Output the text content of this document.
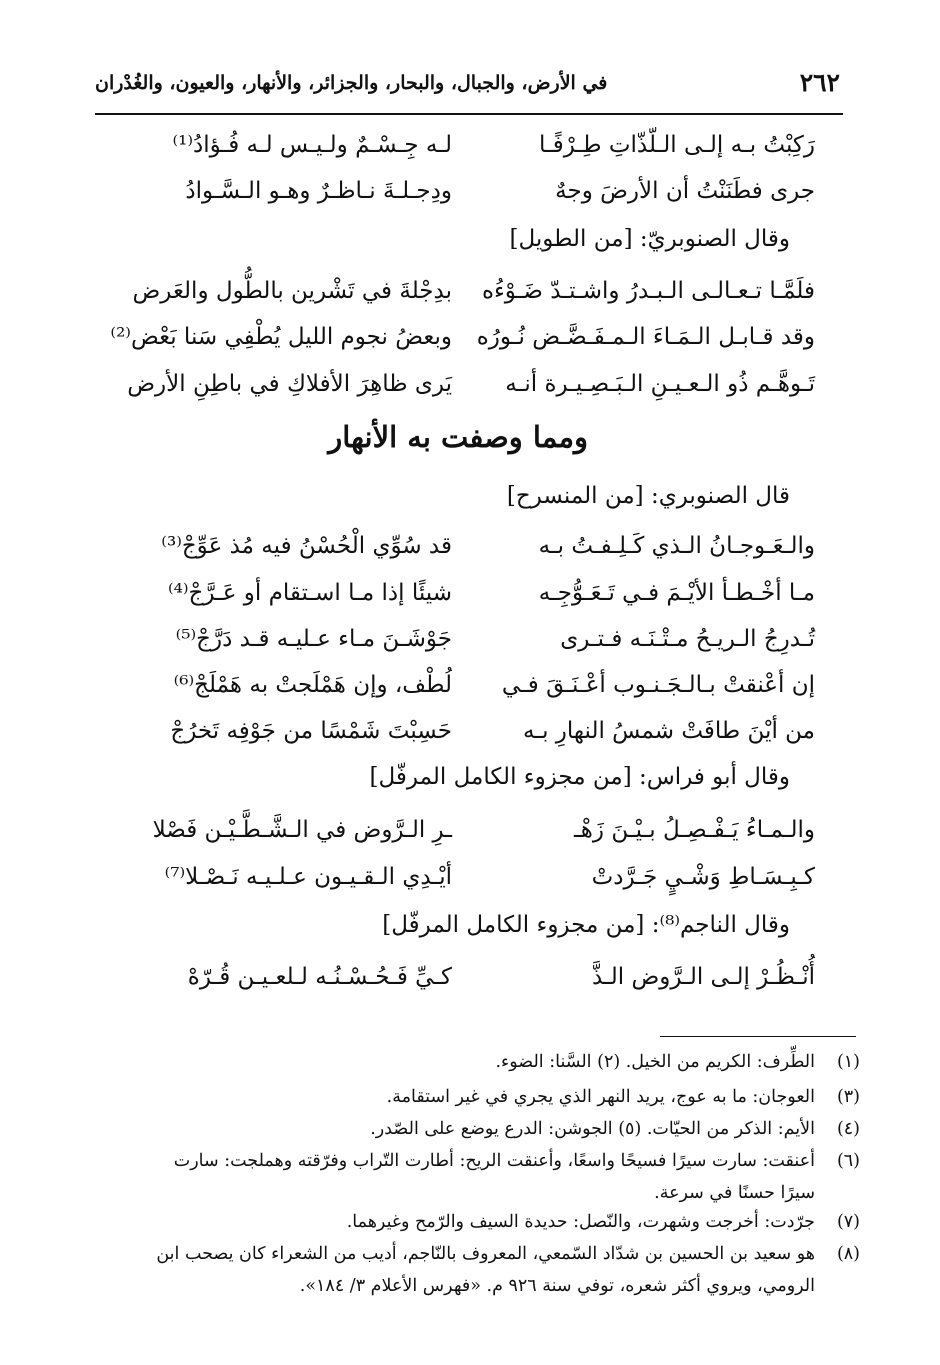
٢٦٢
في الأرض، والجبال، والبحار، والجزائر، والأنهار، والعيون، والغُدْران
رَكِبْتُ بـه إلـى الـلّذّاتِ طِـرْفًـا
لـه جِـسْـمٌ ولـيـس لـه فُـؤادُ⁽¹⁾
جرى فطَنَنْتُ أن الأرضَ وجهٌ
ودِجـلـةَ نـاظـرٌ وهـو الـسَّـوادُ
وقال الصنوبريّ: [من الطويل]
فلَمَّـا تـعـالـى الـبـدرُ واشـتـدّ ضَـوْءُه
بدِجْلةَ في تَشْرين بالطُّول والعَرض
وقد قـابـل الـمَـاءَ الـمـفَـضَّـض نُـورُه
وبعضُ نجوم الليل يُطْفِي سَنا بَعْض⁽²⁾
تَـوهَّـم ذُو الـعـيـنِ الـبَـصِـيـرة أنـه
يَرى ظاهِرَ الأفلاكِ في باطِنِ الأرض
ومما وصفت به الأنهار
قال الصنوبري: [من المنسرح]
والـعَـوجـانُ الـذي كَـلِـفـتُ بـه
قد سُوِّي الْحُسْنُ فيه مُذ عَوِّجْ⁽³⁾
مـا أخْـطـأ الأيْـمَ فـي تَـعَـوُّجِـه
شيئًا إذا مـا اسـتقام أو عَـرَّجْ⁽⁴⁾
تُـدرِجُ الـريـحُ مـتْـنَـه فـتـرى
جَوْشَـنَ مـاء عـليـه قـد دَرَّجْ⁽⁵⁾
إن أعْنقتْ بـالـجَـنـوب أعْـنَـقَ فـي
لُطْف، وإن هَمْلَجتْ به هَمْلَجْ⁽⁶⁾
من أيْنَ طافَتْ شمسُ النهارِ بـه
حَسِبْتَ شَمْسًا من جَوْفِه تَخرُجْ
وقال أبو فراس: [من مجزوء الكامل المرفّل]
والـمـاءُ يَـفْـصِـلُ بـيْـنَ زَهْـ
ـرِ الـرَّوض في الـشَّـطَّـيْـن فَصْلا
كـبِـسَـاطِ وَشْـيٍ جَـرَّدتْ
أيْـدِي الـقـيـون عـلـيـه نَـصْـلا⁽⁷⁾
وقال الناجم⁽⁸⁾: [من مجزوء الكامل المرفّل]
أُنْـظُـرْ إلـى الـرَّوض الـذَّ
كـيِّ فَـحُـسْـنُـه لـلعـيـن قُـرّهْ
(١)
الطِّرف: الكريم من الخيل. (٢) السَّنا: الضوء.
(٣)
العوجان: ما به عوج، يريد النهر الذي يجري في غير استقامة.
(٤)
الأيم: الذكر من الحيّات. (٥) الجوشن: الدرع يوضع على الصّدر.
(٦)
أعنقت: سارت سيرًا فسيحًا واسعًا، وأعنقت الريح: أطارت التّراب وفرّقته وهملجت: سارت
سيرًا حسنًا في سرعة.
(٧)
جرّدت: أخرجت وشهرت، والنّصل: حديدة السيف والرّمح وغيرهما.
(٨)
هو سعيد بن الحسين بن شدّاد السّمعي، المعروف بالنّاجم، أديب من الشعراء كان يصحب ابن
الرومي، ويروي أكثر شعره، توفي سنة ٩٢٦ م. «فهرس الأعلام ٣/ ١٨٤».
